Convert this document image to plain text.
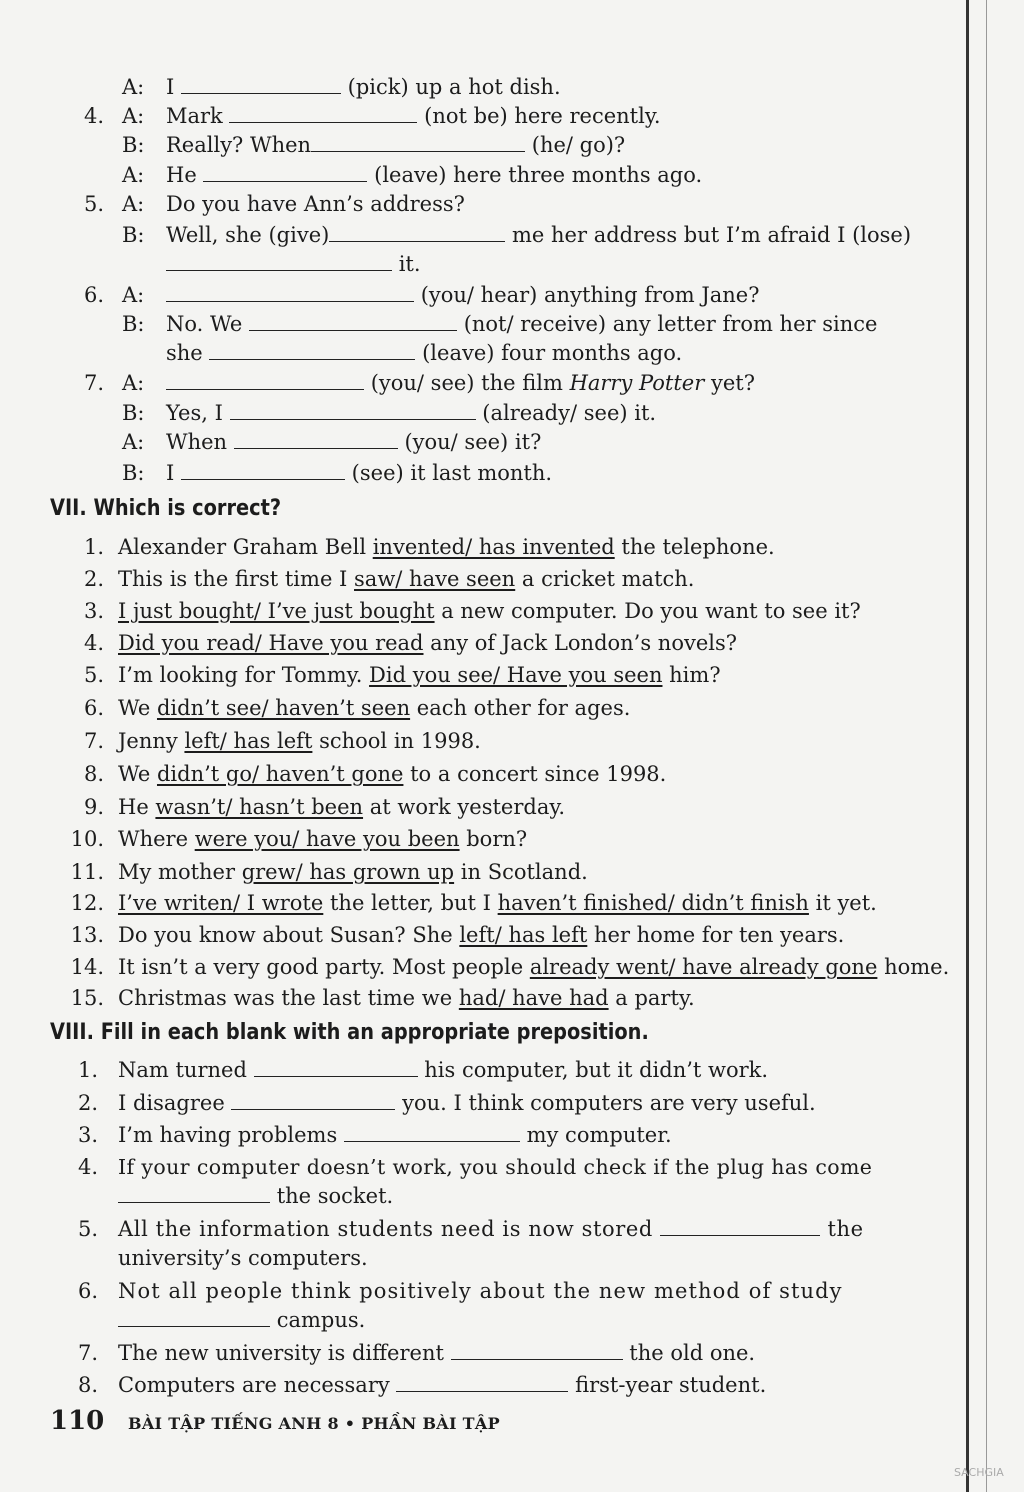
A: I	(pick) up a hot dish.
4. A: Mark	(not be) here recently.
B: Really? When	(he/ go)?
A: He	(leave) here three months ago.
5. A: Do you have Ann’s address?
B: Well, she (give)	me her address but I’m afraid I (lose)
it.
6. A:	(you/ hear) anything from Jane?
B: No. We	(not/ receive) any letter from her since
she	(leave) four months ago.
7. A:	(you/ see) the film Harry Potter yet?
B: Yes, I	(already/ see) it.
A: When	(you/ see) it?
B: I	(see) it last month.
VII. Which is correct?
1. Alexander Graham Bell invented/ has invented the telephone.
2. This is the first time I saw/ have seen a cricket match.
3. I just bought/ I’ve just bought a new computer. Do you want to see it?
4. Did you read/ Have you read any of Jack London’s novels?
5. I’m looking for Tommy. Did you see/ Have you seen him?
6. We didn’t see/ haven’t seen each other for ages.
7. Jenny left/ has left school in 1998.
8. We didn’t go/ haven’t gone to a concert since 1998.
9. He wasn’t/ hasn’t been at work yesterday.
10. Where were you/ have you been born?
11. My mother grew/ has grown up in Scotland.
12. I’ve writen/ I wrote the letter, but I haven’t finished/ didn’t finish it yet.
13. Do you know about Susan? She left/ has left her home for ten years.
14. It isn’t a very good party. Most people already went/ have already gone home.
15. Christmas was the last time we had/ have had a party.
VIII. Fill in each blank with an appropriate preposition.
1. Nam turned	his computer, but it didn’t work.
2. I disagree	you. I think computers are very useful.
3. I’m having problems	my computer.
4. If your computer doesn’t work, you should check if the plug has come
the socket.
5. All the information students need is now stored	the
university’s computers.
6. Not all people think positively about the new method of study
campus.
7. The new university is different	the old one.
8. Computers are necessary	first-year student.
110 BÀI TẬP TIẾNG ANH 8 • PHẦN BÀI TẬP
SACHGIA
